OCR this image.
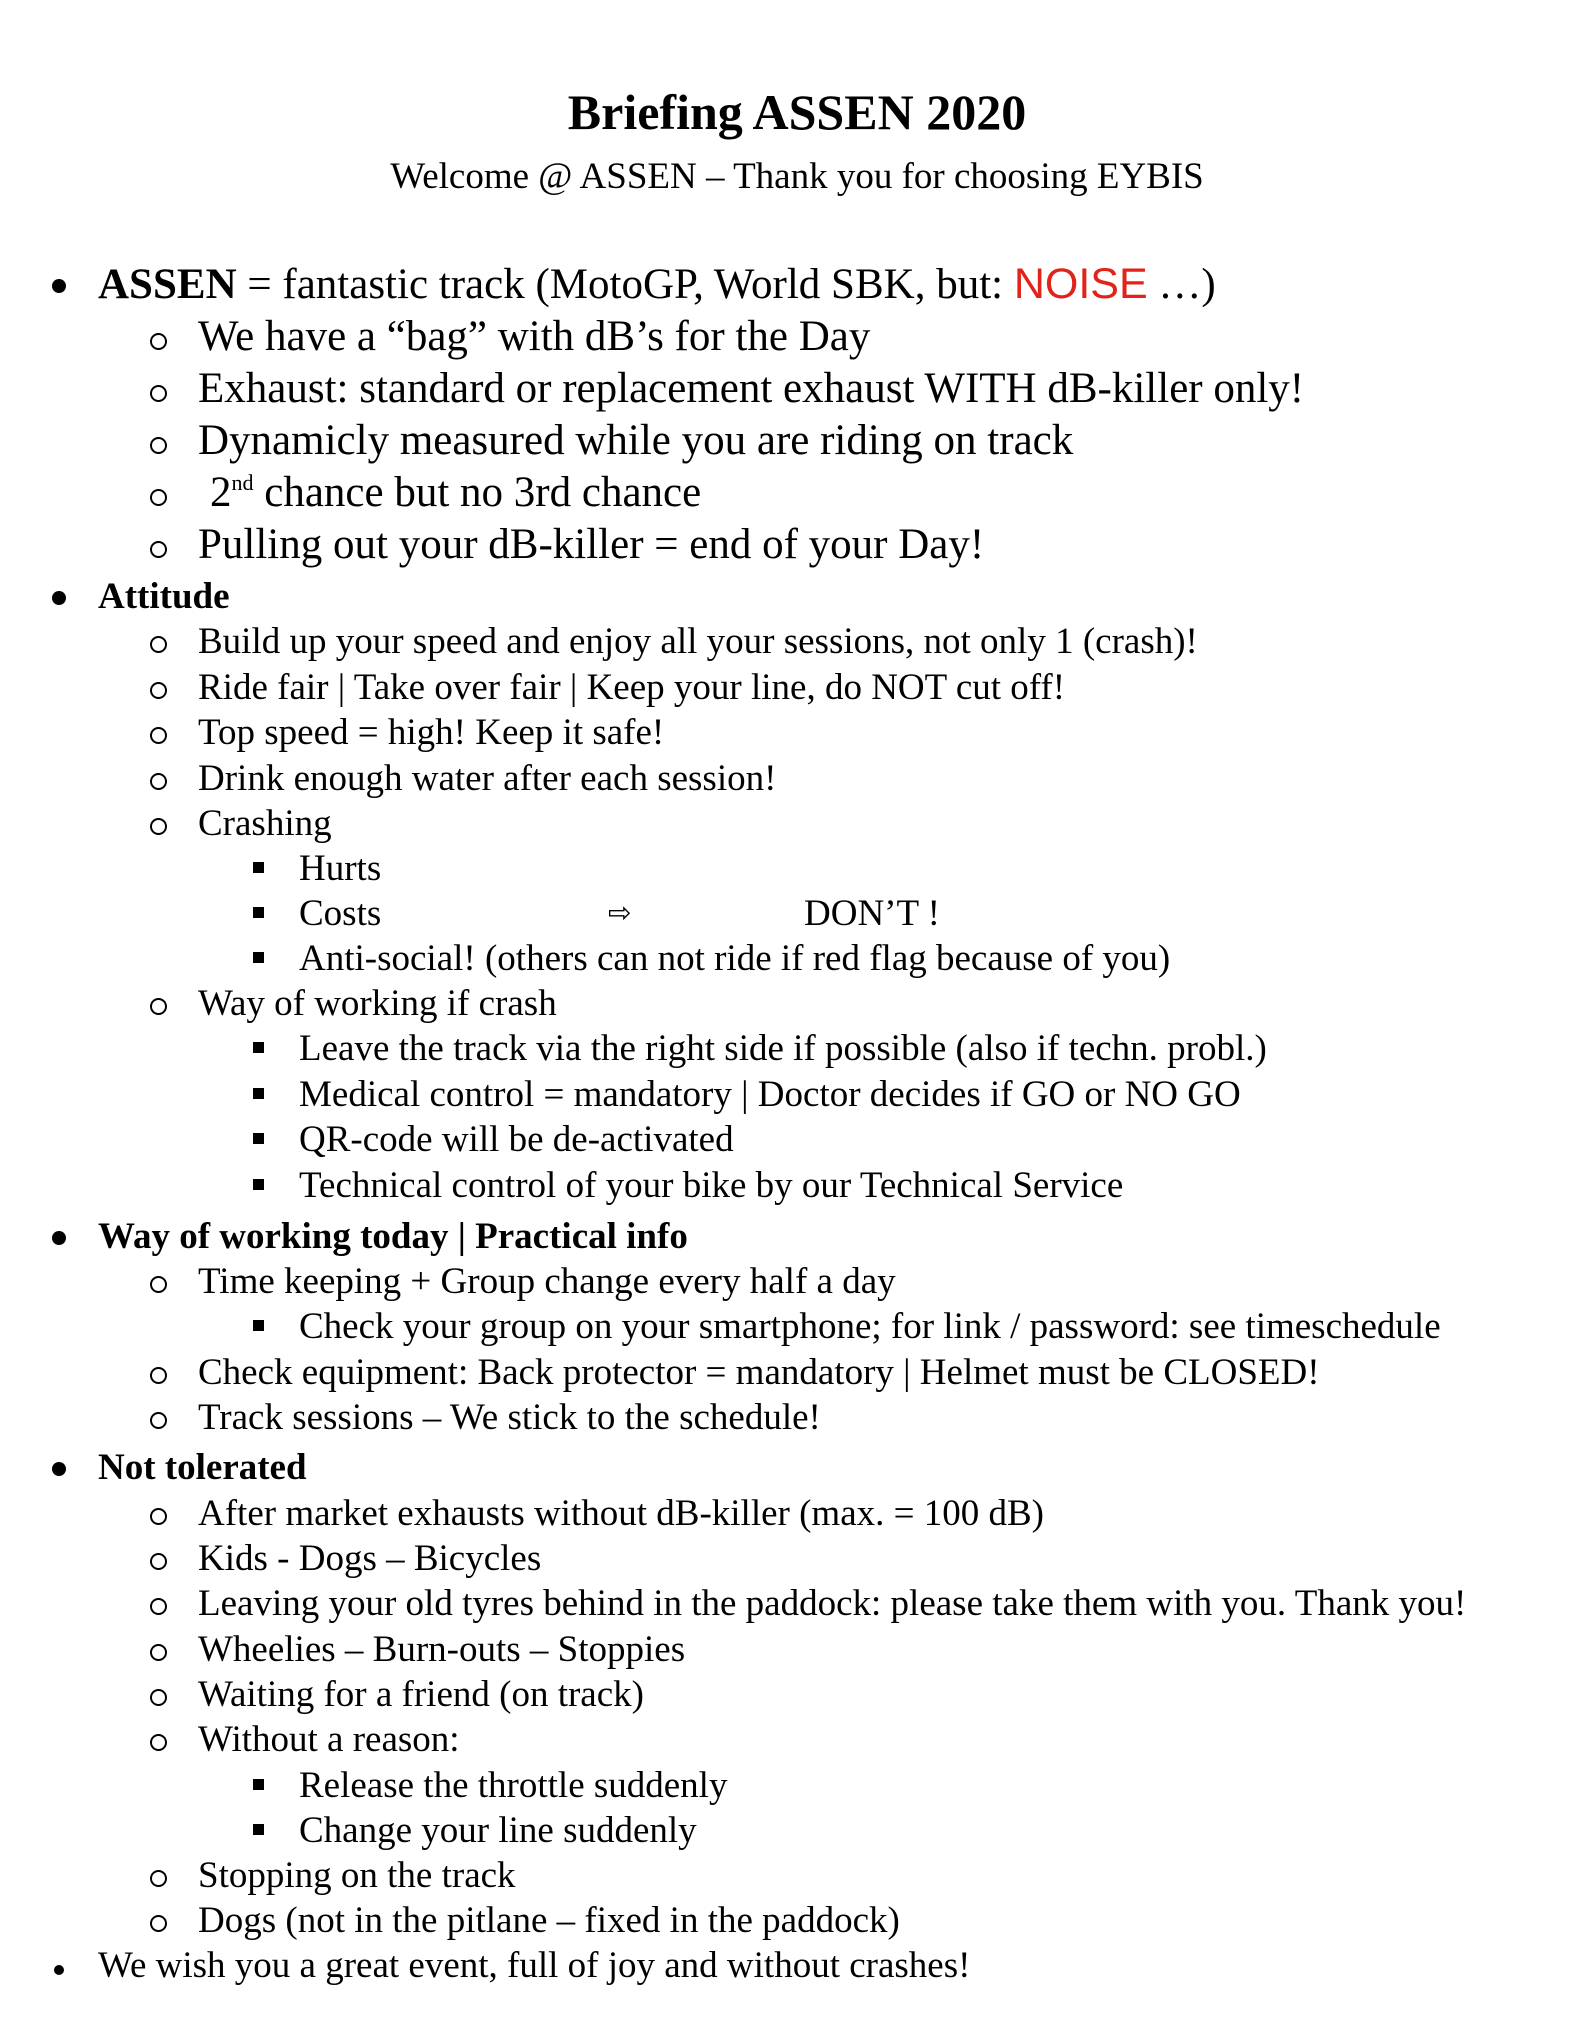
Briefing ASSEN 2020
Welcome @ ASSEN – Thank you for choosing EYBIS
ASSEN = fantastic track (MotoGP, World SBK, but: NOISE …)
We have a “bag” with dB’s for the Day
Exhaust: standard or replacement exhaust WITH dB-killer only!
Dynamicly measured while you are riding on track
2nd chance but no 3rd chance
Pulling out your dB-killer = end of your Day!
Attitude
Build up your speed and enjoy all your sessions, not only 1 (crash)!
Ride fair | Take over fair | Keep your line, do NOT cut off!
Top speed = high! Keep it safe!
Drink enough water after each session!
Crashing
Hurts
Costs	⇨	DON’T !
Anti-social! (others can not ride if red flag because of you)
Way of working if crash
Leave the track via the right side if possible (also if techn. probl.)
Medical control = mandatory | Doctor decides if GO or NO GO
QR-code will be de-activated
Technical control of your bike by our Technical Service
Way of working today | Practical info
Time keeping + Group change every half a day
Check your group on your smartphone; for link / password: see timeschedule
Check equipment: Back protector = mandatory | Helmet must be CLOSED!
Track sessions – We stick to the schedule!
Not tolerated
After market exhausts without dB-killer (max. = 100 dB)
Kids - Dogs – Bicycles
Leaving your old tyres behind in the paddock: please take them with you. Thank you!
Wheelies – Burn-outs – Stoppies
Waiting for a friend (on track)
Without a reason:
Release the throttle suddenly
Change your line suddenly
Stopping on the track
Dogs (not in the pitlane – fixed in the paddock)
We wish you a great event, full of joy and without crashes!
